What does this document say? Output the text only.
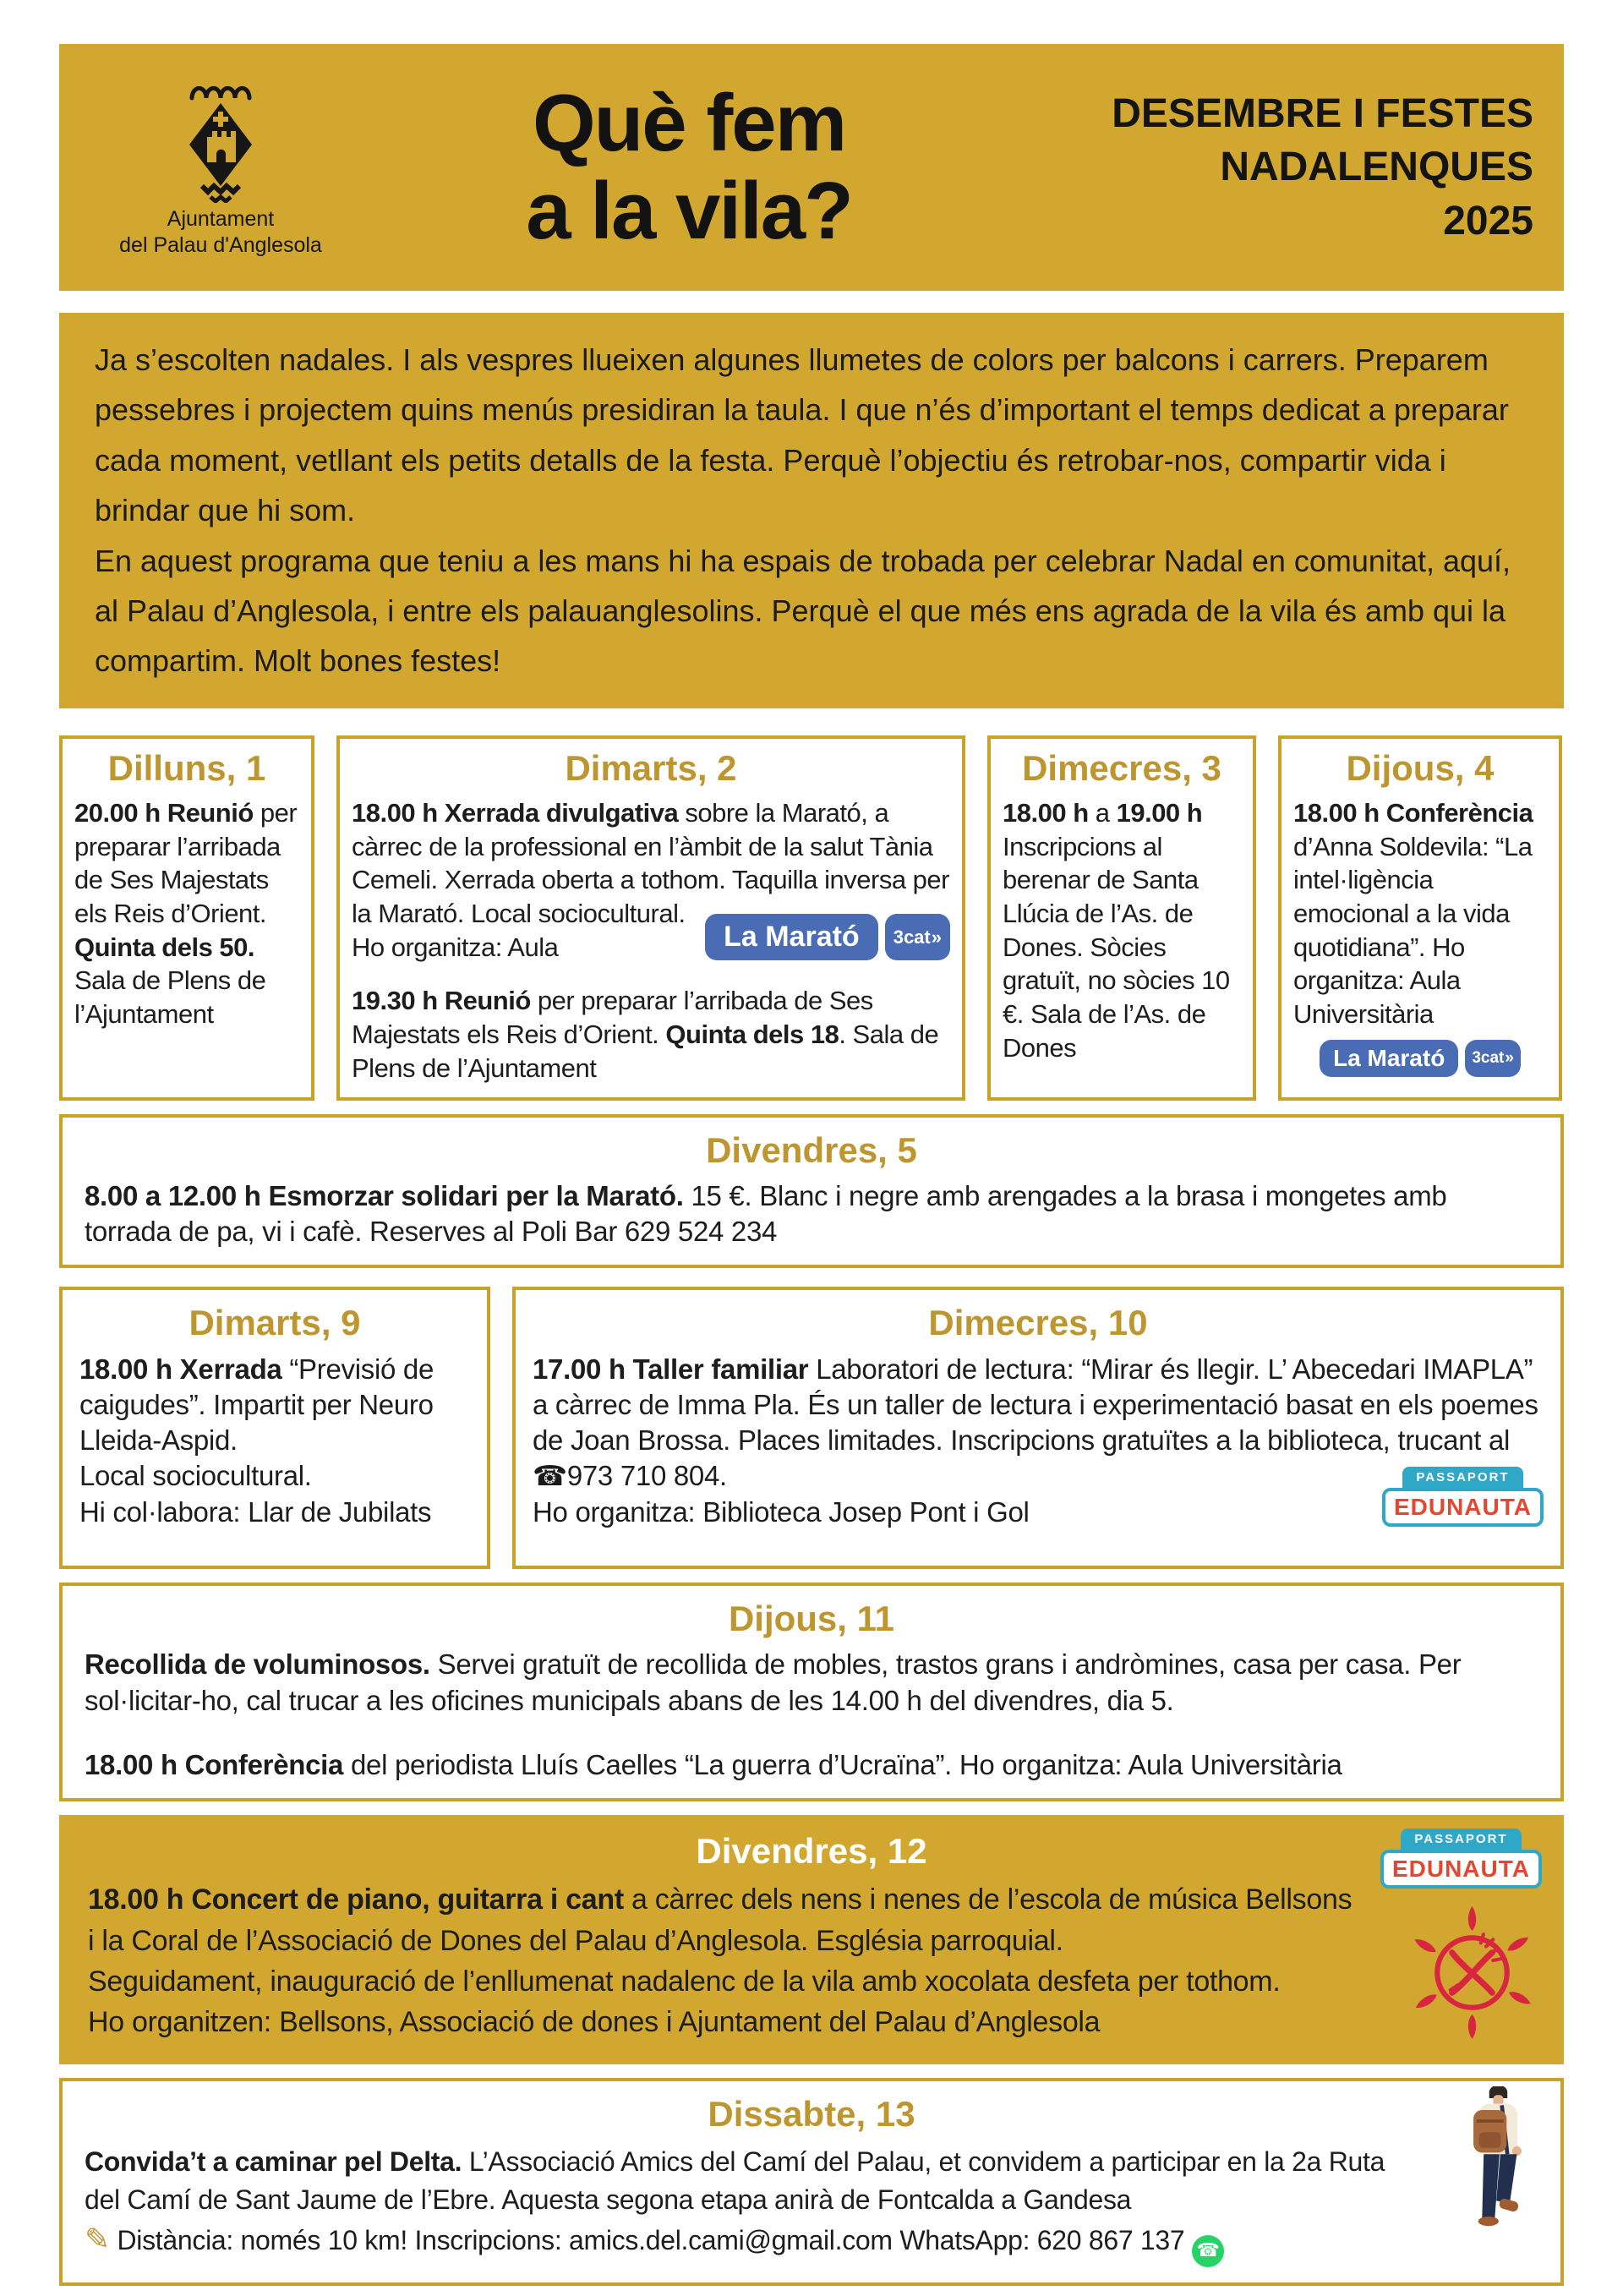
Ajuntament
del Palau d'Anglesola
Què fem
a la vila?
DESEMBRE I FESTES
NADALENQUES
2025

Ja s’escolten nadales. I als vespres llueixen algunes llumetes de colors per balcons i carrers. Preparem pessebres i projectem quins menús presidiran la taula. I que n’és d’important el temps dedicat a preparar cada moment, vetllant els petits detalls de la festa. Perquè l’objectiu és retrobar-nos, compartir vida i brindar que hi som.

En aquest programa que teniu a les mans hi ha espais de trobada per celebrar Nadal en comunitat, aquí, al Palau d’Anglesola, i entre els palauanglesolins. Perquè el que més ens agrada de la vila és amb qui la compartim. Molt bones festes!

Dilluns, 1

20.00 h Reunió per preparar l’arribada de Ses Majestats els Reis d’Orient. Quinta dels 50. Sala de Plens de l’Ajuntament

Dimarts, 2

18.00 h Xerrada divulgativa sobre la Marató, a càrrec de la professional en l’àmbit de la salut Tània Cemeli. Xerrada oberta a tothom. Taquilla inversa per la Marató. Local sociocultural.
Ho organitza: Aula	La Marató	3cat »

19.30 h Reunió per preparar l’arribada de Ses Majestats els Reis d’Orient. Quinta dels 18. Sala de Plens de l’Ajuntament

Dimecres, 3

18.00 h a 19.00 h Inscripcions al berenar de Santa Llúcia de l’As. de Dones. Sòcies gratuït, no sòcies 10 €. Sala de l’As. de Dones

Dijous, 4

18.00 h Conferència d’Anna Soldevila: “La intel·ligència emocional a la vida quotidiana”. Ho organitza: Aula Universitària

La Marató	3cat »
Divendres, 5

8.00 a 12.00 h Esmorzar solidari per la Marató. 15 €. Blanc i negre amb arengades a la brasa i mongetes amb torrada de pa, vi i cafè. Reserves al Poli Bar 629 524 234

Dimarts, 9

18.00 h Xerrada “Previsió de caigudes”. Impartit per Neuro Lleida-Aspid.
Local sociocultural.
Hi col·labora: Llar de Jubilats

Dimecres, 10

17.00 h Taller familiar Laboratori de lectura: “Mirar és llegir. L’ Abecedari IMAPLA” a càrrec de Imma Pla. És un taller de lectura i experimentació basat en els poemes de Joan Brossa. Places limitades. Inscripcions gratuïtes a la biblioteca, trucant al ☎973 710 804.
Ho organitza: Biblioteca Josep Pont i Gol

PASSAPORT
EDUNAUTA
Dijous, 11

Recollida de voluminosos. Servei gratuït de recollida de mobles, trastos grans i andròmines, casa per casa. Per sol·licitar-ho, cal trucar a les oficines municipals abans de les 14.00 h del divendres, dia 5.

18.00 h Conferència del periodista Lluís Caelles “La guerra d’Ucraïna”. Ho organitza: Aula Universitària

PASSAPORT
EDUNAUTA
Divendres, 12

18.00 h Concert de piano, guitarra i cant a càrrec dels nens i nenes de l’escola de música Bellsons i la Coral de l’Associació de Dones del Palau d’Anglesola. Església parroquial.
Seguidament, inauguració de l’enllumenat nadalenc de la vila amb xocolata desfeta per tothom.
Ho organitzen: Bellsons, Associació de dones i Ajuntament del Palau d’Anglesola

Dissabte, 13

Convida’t a caminar pel Delta. L’Associació Amics del Camí del Palau, et convidem a participar en la 2a Ruta del Camí de Sant Jaume de l’Ebre. Aquesta segona etapa anirà de Fontcalda a Gandesa
✎ Distància: només 10 km! Inscripcions: amics.del.cami@gmail.com WhatsApp: 620 867 137 ☎
